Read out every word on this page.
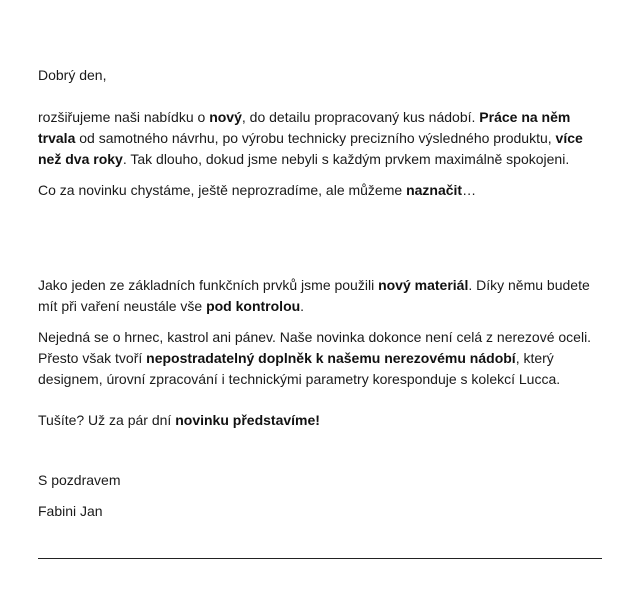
Dobrý den,

rozšiřujeme naši nabídku o nový, do detailu propracovaný kus nádobí. Práce na něm trvala od samotného návrhu, po výrobu technicky precizního výsledného produktu, více než dva roky. Tak dlouho, dokud jsme nebyli s každým prvkem maximálně spokojeni.

Co za novinku chystáme, ještě neprozradíme, ale můžeme naznačit…

Jako jeden ze základních funkčních prvků jsme použili nový materiál. Díky němu budete mít při vaření neustále vše pod kontrolou.

Nejedná se o hrnec, kastrol ani pánev. Naše novinka dokonce není celá z nerezové oceli. Přesto však tvoří nepostradatelný doplněk k našemu nerezovému nádobí, který designem, úrovní zpracování i technickými parametry koresponduje s kolekcí Lucca.

Tušíte? Už za pár dní novinku představíme!

S pozdravem

Fabini Jan
